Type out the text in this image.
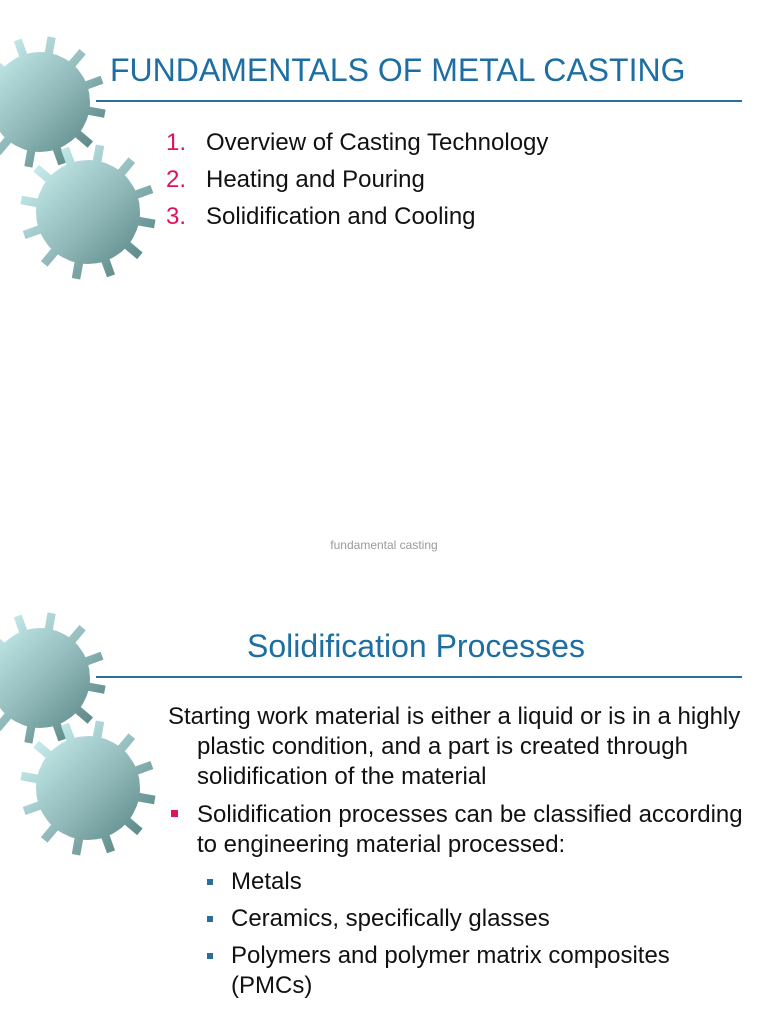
FUNDAMENTALS OF METAL CASTING
1. Overview of Casting Technology
2. Heating and Pouring
3. Solidification and Cooling
fundamental casting
Solidification Processes

Starting work material is either a liquid or is in a highly plastic condition, and a part is created through solidification of the material

Solidification processes can be classified according to engineering material processed:
Metals
Ceramics, specifically glasses
Polymers and polymer matrix composites (PMCs)
